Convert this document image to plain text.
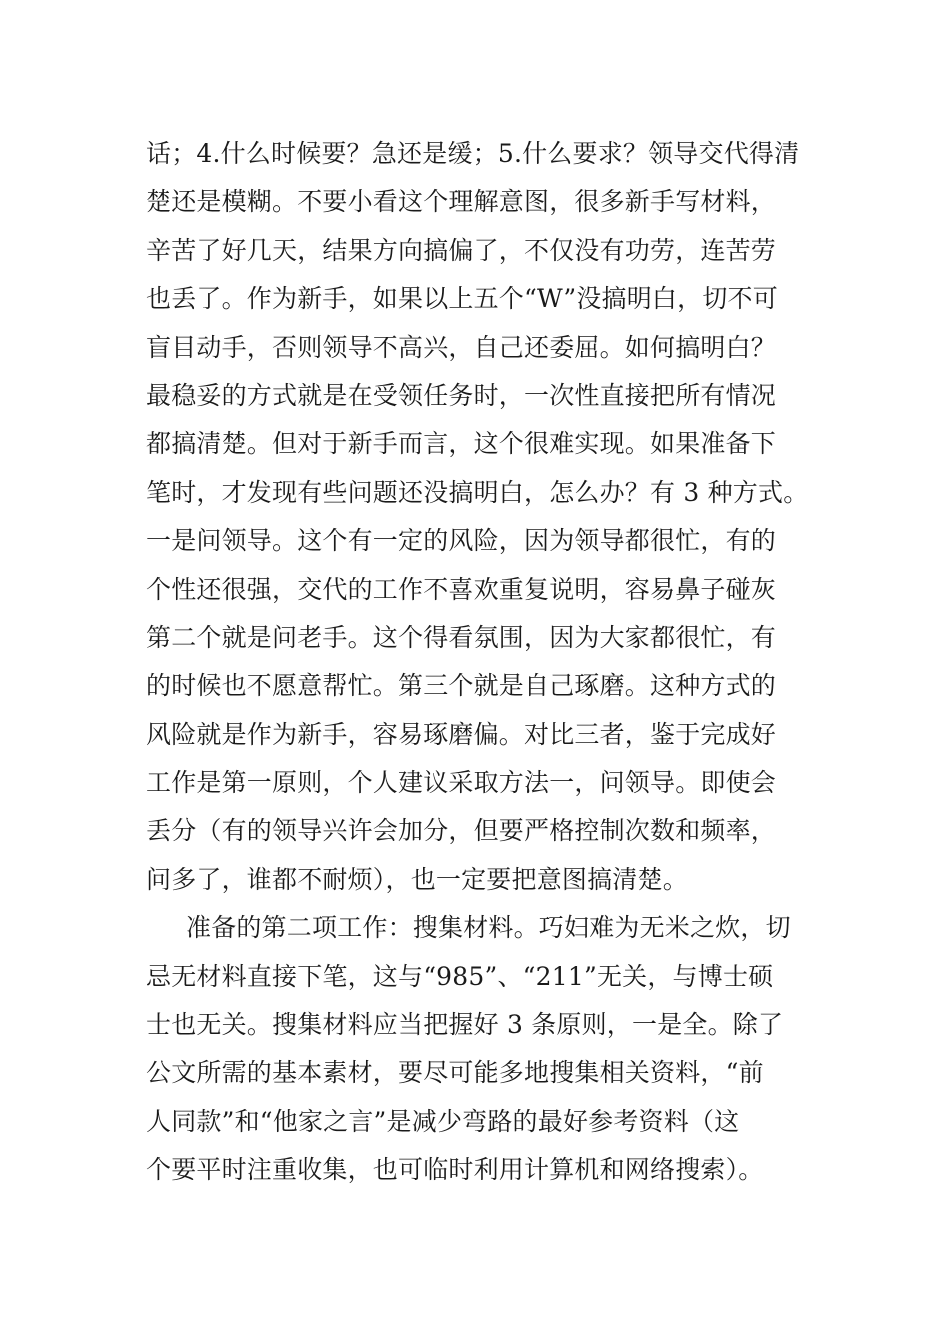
话；4.什么时候要？急还是缓；5.什么要求？领导交代得清
楚还是模糊。不要小看这个理解意图，很多新手写材料，
辛苦了好几天，结果方向搞偏了，不仅没有功劳，连苦劳
也丢了。作为新手，如果以上五个“W”没搞明白，切不可
盲目动手，否则领导不高兴，自己还委屈。如何搞明白？
最稳妥的方式就是在受领任务时，一次性直接把所有情况
都搞清楚。但对于新手而言，这个很难实现。如果准备下
笔时，才发现有些问题还没搞明白，怎么办？有 3 种方式。
一是问领导。这个有一定的风险，因为领导都很忙，有的
个性还很强，交代的工作不喜欢重复说明，容易鼻子碰灰
第二个就是问老手。这个得看氛围，因为大家都很忙，有
的时候也不愿意帮忙。第三个就是自己琢磨。这种方式的
风险就是作为新手，容易琢磨偏。对比三者，鉴于完成好
工作是第一原则，个人建议采取方法一，问领导。即使会
丢分（有的领导兴许会加分，但要严格控制次数和频率，
问多了，谁都不耐烦），也一定要把意图搞清楚。
准备的第二项工作：搜集材料。巧妇难为无米之炊，切
忌无材料直接下笔，这与“985”、“211”无关，与博士硕
士也无关。搜集材料应当把握好 3 条原则，一是全。除了
公文所需的基本素材，要尽可能多地搜集相关资料，“前
人同款”和“他家之言”是减少弯路的最好参考资料（这
个要平时注重收集，也可临时利用计算机和网络搜索）。
